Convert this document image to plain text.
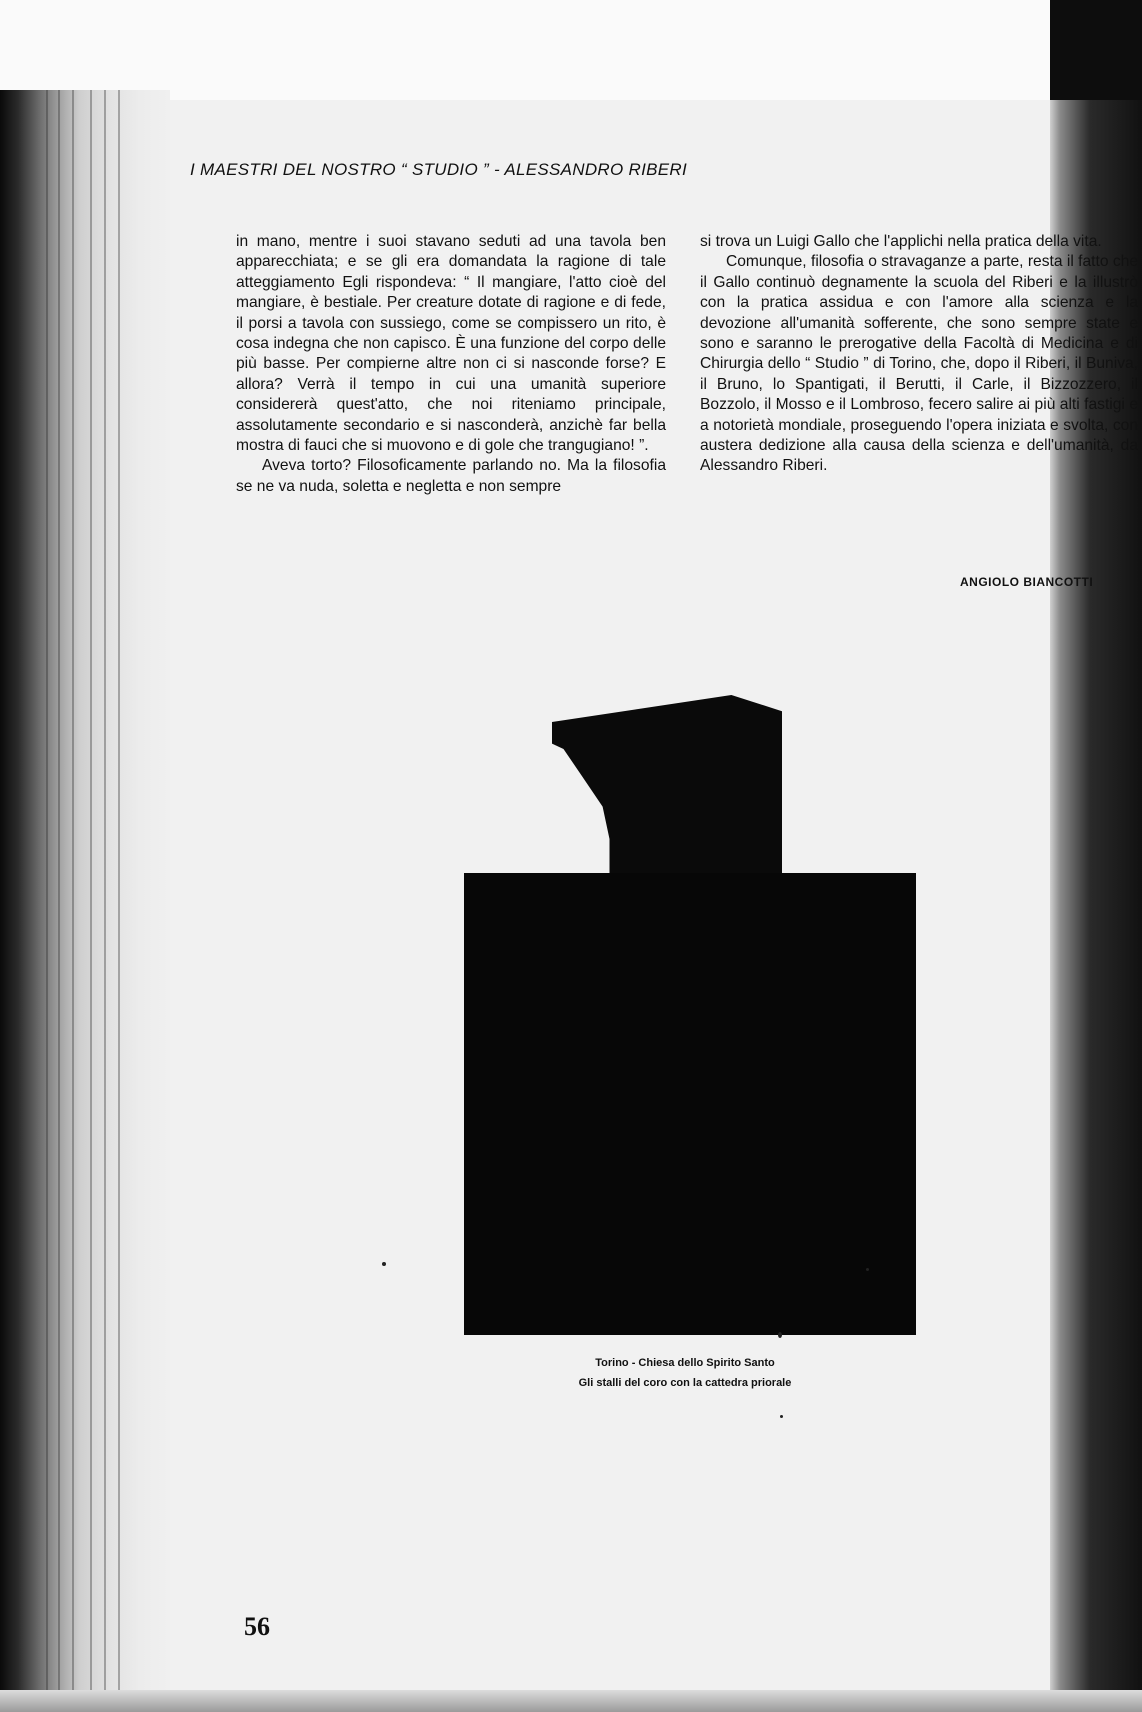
I MAESTRI DEL NOSTRO “ STUDIO ” - ALESSANDRO RIBERI

in mano, mentre i suoi stavano seduti ad una tavola ben apparecchiata; e se gli era domandata la ragione di tale atteggiamento Egli rispondeva: “ Il mangiare, l'atto cioè del mangiare, è bestiale. Per creature dotate di ragione e di fede, il porsi a tavola con sussiego, come se compissero un rito, è cosa indegna che non capisco. È una funzione del corpo delle più basse. Per compierne altre non ci si nasconde forse? E allora? Verrà il tempo in cui una umanità superiore considererà quest'atto, che noi riteniamo principale, assolutamente secondario e si nasconderà, anzichè far bella mostra di fauci che si muovono e di gole che trangugiano! ”.

Aveva torto? Filosoficamente parlando no. Ma la filosofia se ne va nuda, soletta e negletta e non sempre

si trova un Luigi Gallo che l'applichi nella pratica della vita.

Comunque, filosofia o stravaganze a parte, resta il fatto che il Gallo continuò degnamente la scuola del Riberi e la illustrò con la pratica assidua e con l'amore alla scienza e la devozione all'umanità sofferente, che sono sempre state e sono e saranno le prerogative della Facoltà di Medicina e di Chirurgia dello “ Studio ” di Torino, che, dopo il Riberi, il Buniva, il Bruno, lo Spantigati, il Berutti, il Carle, il Bizzozzero, il Bozzolo, il Mosso e il Lombroso, fecero salire ai più alti fastigi e a notorietà mondiale, proseguendo l'opera iniziata e svolta, con austera dedizione alla causa della scienza e dell'umanità, da Alessandro Riberi.

ANGIOLO BIANCOTTI
Torino - Chiesa dello Spirito Santo
Gli stalli del coro con la cattedra priorale
56
